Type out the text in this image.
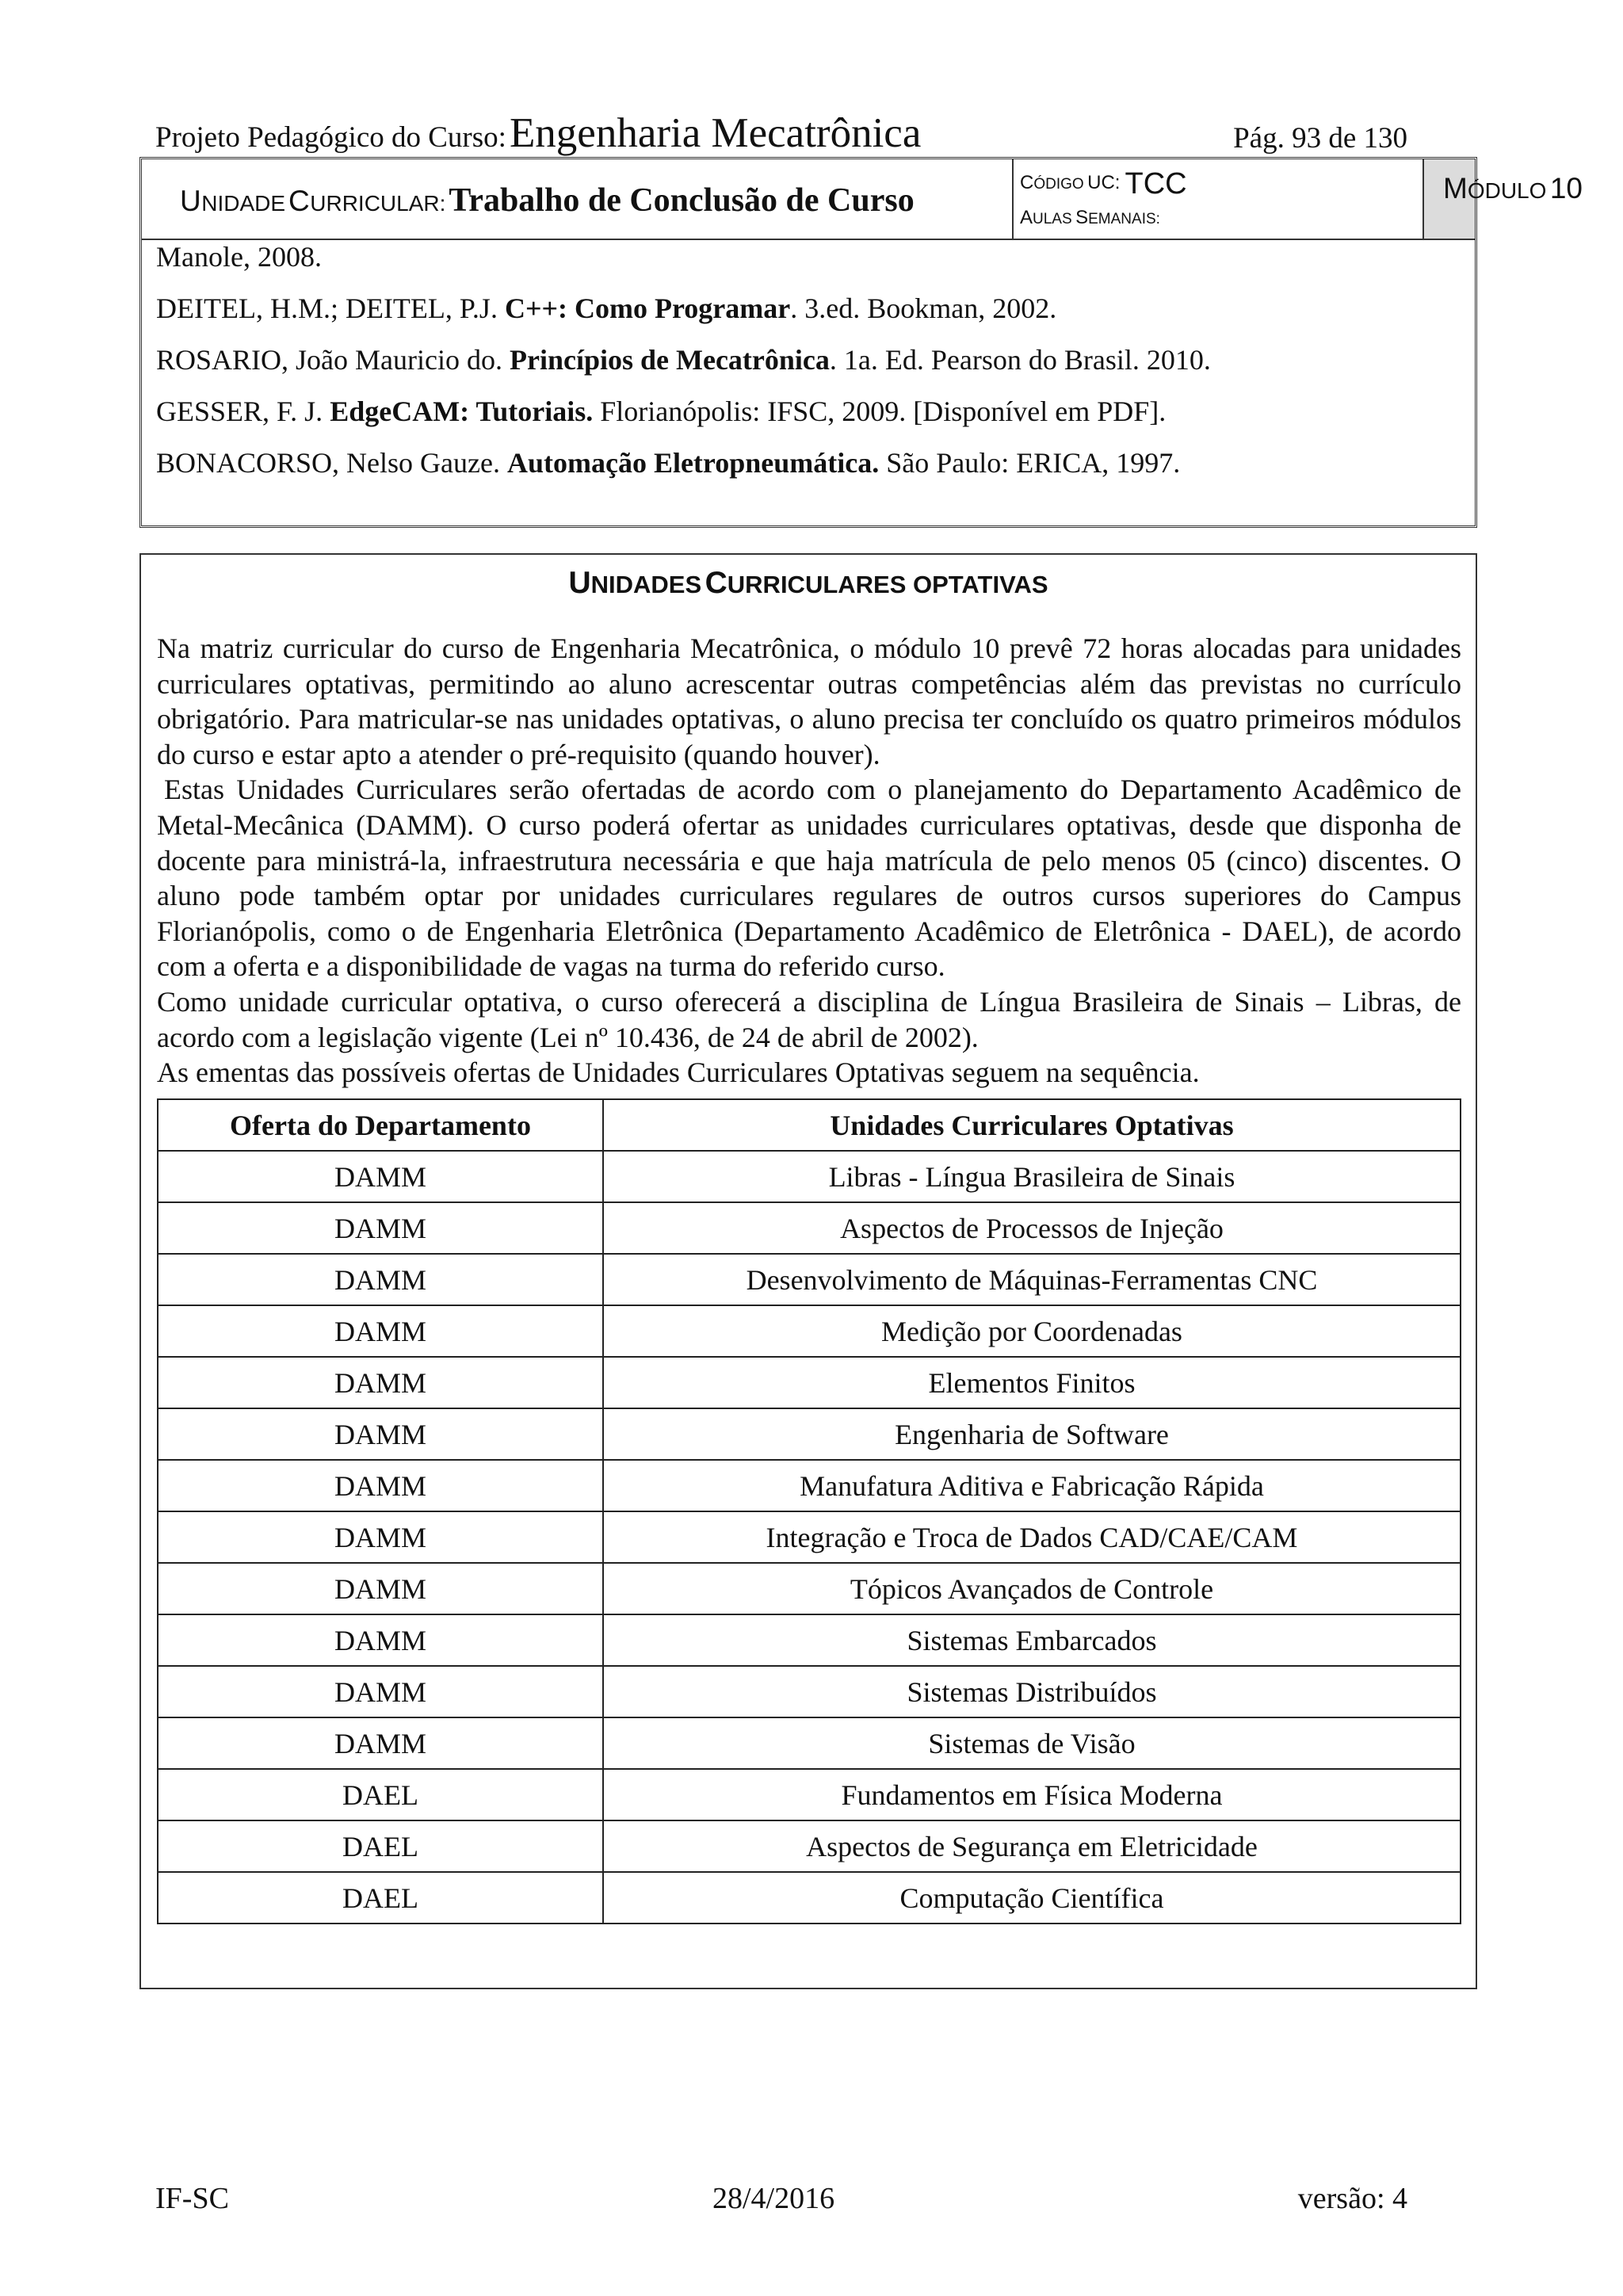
Projeto Pedagógico do Curso: Engenharia Mecatrônica	Pág. 93 de 130
UNIDADE CURRICULAR: Trabalho de Conclusão de Curso	CÓDIGO UC: TCC
AULAS SEMANAIS:
MÓDULO 10
Manole, 2008.
DEITEL, H.M.; DEITEL, P.J. C++: Como Programar. 3.ed. Bookman, 2002.
ROSARIO, João Mauricio do. Princípios de Mecatrônica. 1a. Ed. Pearson do Brasil. 2010.
GESSER, F. J. EdgeCAM: Tutoriais. Florianópolis: IFSC, 2009. [Disponível em PDF].
BONACORSO, Nelso Gauze. Automação Eletropneumática. São Paulo: ERICA, 1997.
UNIDADES CURRICULARES OPTATIVAS

Na matriz curricular do curso de Engenharia Mecatrônica, o módulo 10 prevê 72 horas alocadas para unidades curriculares optativas, permitindo ao aluno acrescentar outras competências além das previstas no currículo obrigatório. Para matricular-se nas unidades optativas, o aluno precisa ter concluído os quatro primeiros módulos do curso e estar apto a atender o pré-requisito (quando houver).

Estas Unidades Curriculares serão ofertadas de acordo com o planejamento do Departamento Acadêmico de Metal-Mecânica (DAMM). O curso poderá ofertar as unidades curriculares optativas, desde que disponha de docente para ministrá-la, infraestrutura necessária e que haja matrícula de pelo menos 05 (cinco) discentes. O aluno pode também optar por unidades curriculares regulares de outros cursos superiores do Campus Florianópolis, como o de Engenharia Eletrônica (Departamento Acadêmico de Eletrônica - DAEL), de acordo com a oferta e a disponibilidade de vagas na turma do referido curso.

Como unidade curricular optativa, o curso oferecerá a disciplina de Língua Brasileira de Sinais – Libras, de acordo com a legislação vigente (Lei nº 10.436, de 24 de abril de 2002).

As ementas das possíveis ofertas de Unidades Curriculares Optativas seguem na sequência.

Oferta do Departamento	Unidades Curriculares Optativas
DAMM	Libras - Língua Brasileira de Sinais
DAMM	Aspectos de Processos de Injeção
DAMM	Desenvolvimento de Máquinas-Ferramentas CNC
DAMM	Medição por Coordenadas
DAMM	Elementos Finitos
DAMM	Engenharia de Software
DAMM	Manufatura Aditiva e Fabricação Rápida
DAMM	Integração e Troca de Dados CAD/CAE/CAM
DAMM	Tópicos Avançados de Controle
DAMM	Sistemas Embarcados
DAMM	Sistemas Distribuídos
DAMM	Sistemas de Visão
DAEL	Fundamentos em Física Moderna
DAEL	Aspectos de Segurança em Eletricidade
DAEL	Computação Científica
IF-SC	28/4/2016	versão: 4
